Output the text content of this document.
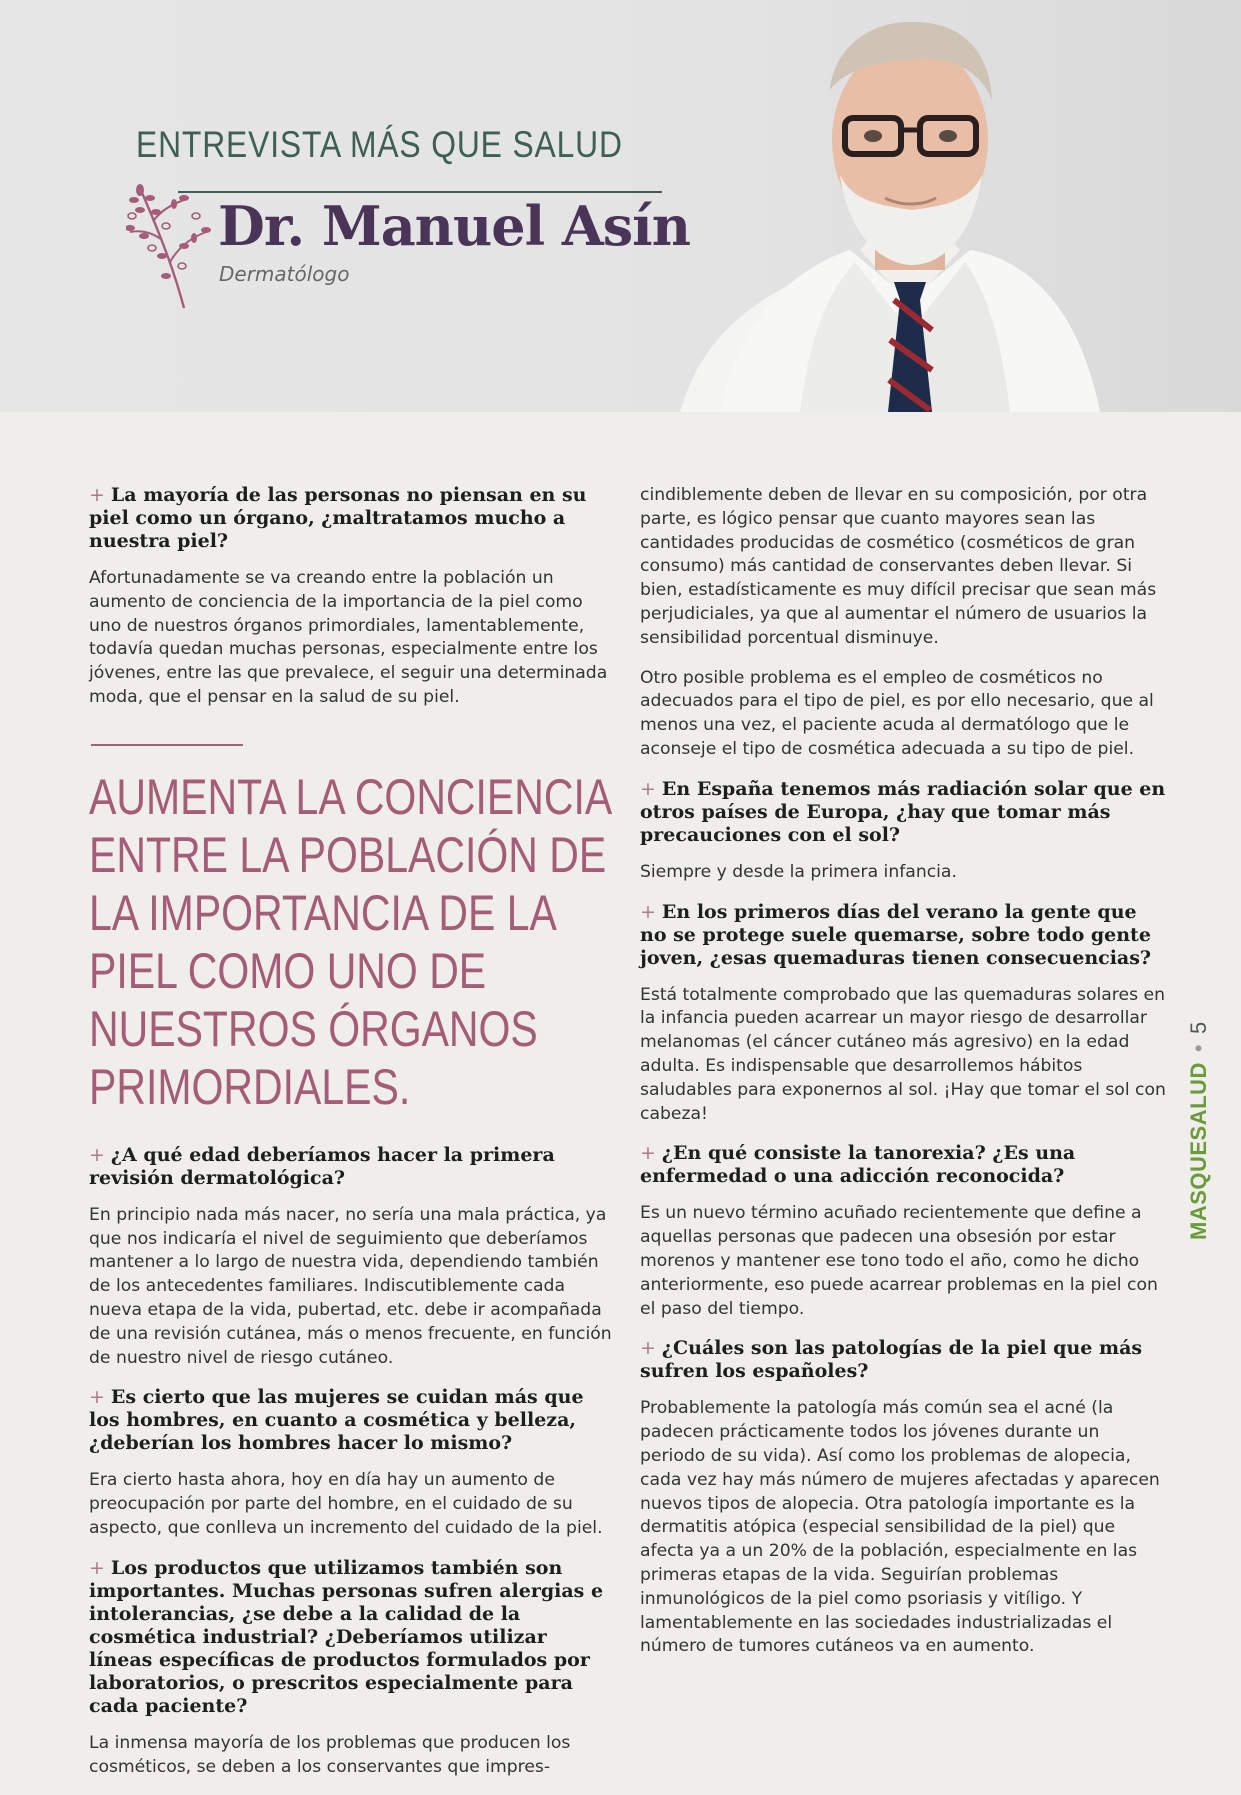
ENTREVISTA MÁS QUE SALUD
Dr. Manuel Asín
Dermatólogo

+ La mayoría de las personas no piensan en su piel como un órgano, ¿maltratamos mucho a nuestra piel?

Afortunadamente se va creando entre la población un aumento de conciencia de la importancia de la piel como uno de nuestros órganos primordiales, lamentablemente, todavía quedan muchas personas, especialmente entre los jóvenes, entre las que prevalece, el seguir una determinada moda, que el pensar en la salud de su piel.

AUMENTA LA CONCIENCIA ENTRE LA POBLACIÓN DE LA IMPORTANCIA DE LA PIEL COMO UNO DE NUESTROS ÓRGANOS PRIMORDIALES.

+ ¿A qué edad deberíamos hacer la primera revisión dermatológica?

En principio nada más nacer, no sería una mala práctica, ya que nos indicaría el nivel de seguimiento que deberíamos mantener a lo largo de nuestra vida, dependiendo también de los antecedentes familiares. Indiscutiblemente cada nueva etapa de la vida, pubertad, etc. debe ir acompañada de una revisión cutánea, más o menos frecuente, en función de nuestro nivel de riesgo cutáneo.

+ Es cierto que las mujeres se cuidan más que los hombres, en cuanto a cosmética y belleza, ¿deberían los hombres hacer lo mismo?

Era cierto hasta ahora, hoy en día hay un aumento de preocupación por parte del hombre, en el cuidado de su aspecto, que conlleva un incremento del cuidado de la piel.

+ Los productos que utilizamos también son importantes. Muchas personas sufren alergias e intolerancias, ¿se debe a la calidad de la cosmética industrial? ¿Deberíamos utilizar líneas específicas de productos formulados por laboratorios, o prescritos especialmente para cada paciente?

La inmensa mayoría de los problemas que producen los cosméticos, se deben a los conservantes que impres-

cindiblemente deben de llevar en su composición, por otra parte, es lógico pensar que cuanto mayores sean las cantidades producidas de cosmético (cosméticos de gran consumo) más cantidad de conservantes deben llevar. Si bien, estadísticamente es muy difícil precisar que sean más perjudiciales, ya que al aumentar el número de usuarios la sensibilidad porcentual disminuye.

Otro posible problema es el empleo de cosméticos no adecuados para el tipo de piel, es por ello necesario, que al menos una vez, el paciente acuda al dermatólogo que le aconseje el tipo de cosmética adecuada a su tipo de piel.

+ En España tenemos más radiación solar que en otros países de Europa, ¿hay que tomar más precauciones con el sol?

Siempre y desde la primera infancia.

+ En los primeros días del verano la gente que no se protege suele quemarse, sobre todo gente joven, ¿esas quemaduras tienen consecuencias?

Está totalmente comprobado que las quemaduras solares en la infancia pueden acarrear un mayor riesgo de desarrollar melanomas (el cáncer cutáneo más agresivo) en la edad adulta. Es indispensable que desarrollemos hábitos saludables para exponernos al sol. ¡Hay que tomar el sol con cabeza!

+ ¿En qué consiste la tanorexia? ¿Es una enfermedad o una adicción reconocida?

Es un nuevo término acuñado recientemente que define a aquellas personas que padecen una obsesión por estar morenos y mantener ese tono todo el año, como he dicho anteriormente, eso puede acarrear problemas en la piel con el paso del tiempo.

+ ¿Cuáles son las patologías de la piel que más sufren los españoles?

Probablemente la patología más común sea el acné (la padecen prácticamente todos los jóvenes durante un periodo de su vida). Así como los problemas de alopecia, cada vez hay más número de mujeres afectadas y aparecen nuevos tipos de alopecia. Otra patología importante es la dermatitis atópica (especial sensibilidad de la piel) que afecta ya a un 20% de la población, especialmente en las primeras etapas de la vida. Seguirían problemas inmunológicos de la piel como psoriasis y vitíligo. Y lamentablemente en las sociedades industrializadas el número de tumores cutáneos va en aumento.

MASQUESALUD•5
